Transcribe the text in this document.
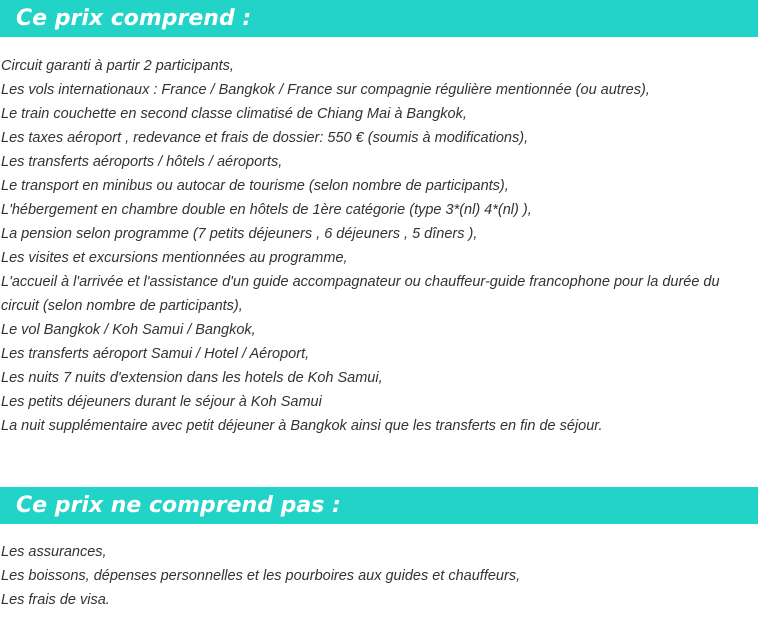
Ce prix comprend :
Circuit garanti à partir 2 participants,
Les vols internationaux : France / Bangkok / France sur compagnie régulière mentionnée (ou autres),
Le train couchette en second classe climatisé de Chiang Mai à Bangkok,
Les taxes aéroport , redevance et frais de dossier: 550 € (soumis à modifications),
Les transferts aéroports / hôtels / aéroports,
Le transport en minibus ou autocar de tourisme (selon nombre de participants),
L'hébergement en chambre double en hôtels de 1ère catégorie (type 3*(nl) 4*(nl) ),
La pension selon programme (7 petits déjeuners , 6 déjeuners , 5 dîners ),
Les visites et excursions mentionnées au programme,
L'accueil à l'arrivée et l'assistance d'un guide accompagnateur ou chauffeur-guide francophone pour la durée du circuit (selon nombre de participants),
Le vol Bangkok / Koh Samui / Bangkok,
Les transferts aéroport Samui / Hotel / Aéroport,
Les nuits 7 nuits d'extension dans les hotels de Koh Samui,
Les petits déjeuners durant le séjour à Koh Samui
La nuit supplémentaire avec petit déjeuner à Bangkok ainsi que les transferts en fin de séjour.
Ce prix ne comprend pas :
Les assurances,
Les boissons, dépenses personnelles et les pourboires aux guides et chauffeurs,
Les frais de visa.
